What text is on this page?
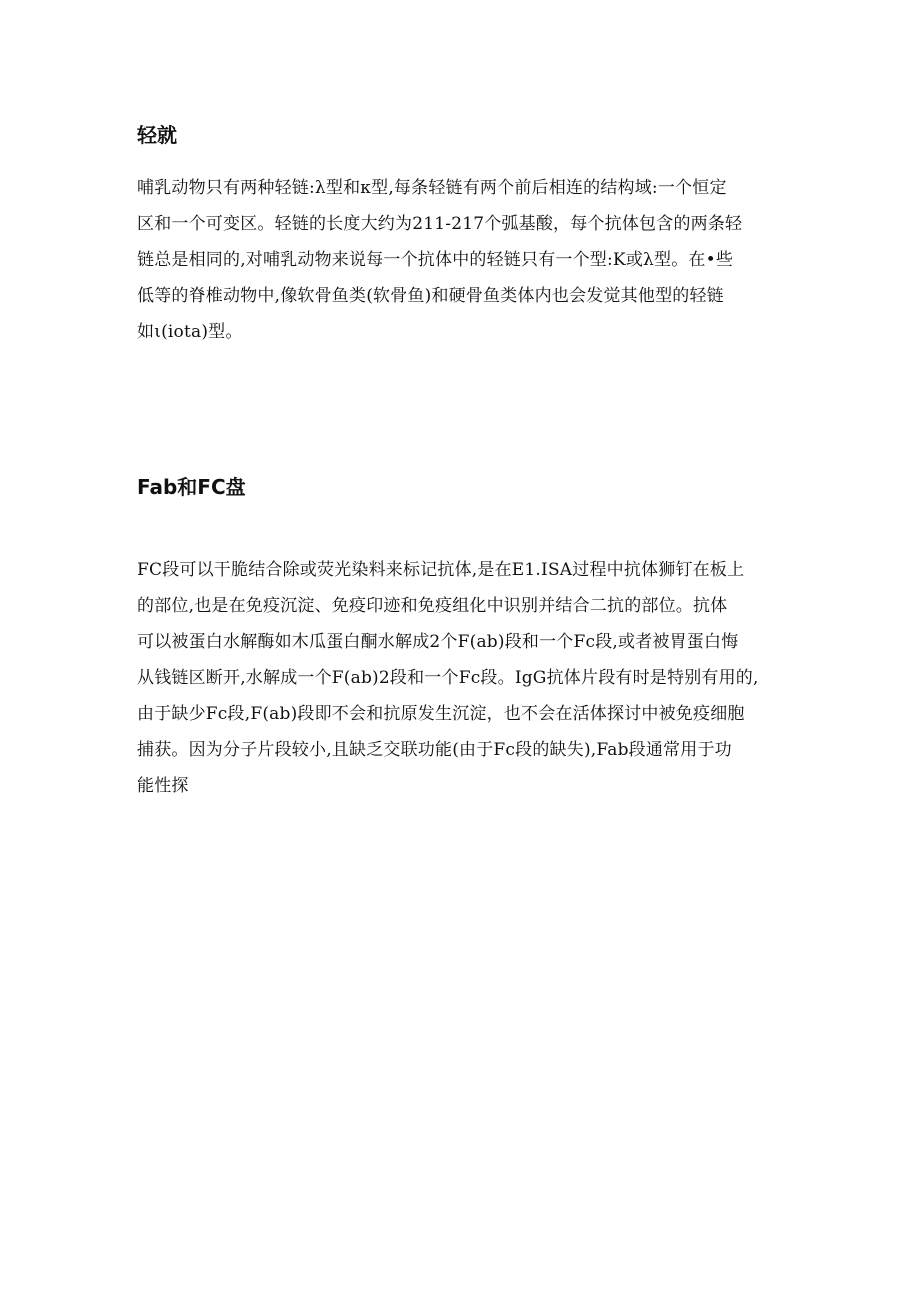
轻就

哺乳动物只有两种轻链:λ型和κ型,每条轻链有两个前后相连的结构域:一个恒定
区和一个可变区。轻链的长度大约为211-217个弧基酸，每个抗体包含的两条轻
链总是相同的,对哺乳动物来说每一个抗体中的轻链只有一个型:K或λ型。在•些
低等的脊椎动物中,像软骨鱼类(软骨鱼)和硬骨鱼类体内也会发觉其他型的轻链
如ι(iota)型。

Fab和FC盘

FC段可以干脆结合除或荧光染料来标记抗体,是在E1.ISA过程中抗体狮钉在板上
的部位,也是在免疫沉淀、免疫印迹和免疫组化中识别并结合二抗的部位。抗体
可以被蛋白水解酶如木瓜蛋白酮水解成2个F(ab)段和一个Fc段,或者被胃蛋白悔
从钱链区断开,水解成一个F(ab)2段和一个Fc段。IgG抗体片段有时是特别有用的,
由于缺少Fc段,F(ab)段即不会和抗原发生沉淀，也不会在活体探讨中被免疫细胞
捕获。因为分子片段较小,且缺乏交联功能(由于Fc段的缺失),Fab段通常用于功
能性探
